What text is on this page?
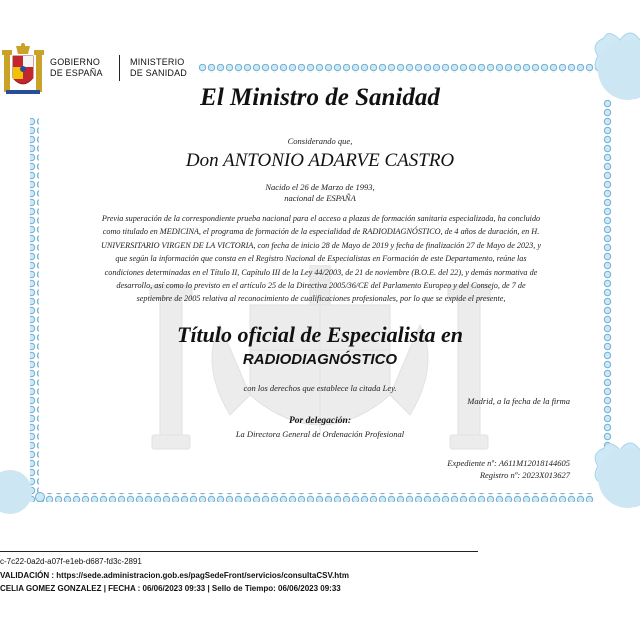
GOBIERNO
DE ESPAÑA
MINISTERIO
DE SANIDAD
El Ministro de Sanidad
Considerando que,
Don ANTONIO ADARVE CASTRO
Nacido el 26 de Marzo de 1993,
nacional de ESPAÑA
Previa superación de la correspondiente prueba nacional para el acceso a plazas de formación sanitaria especializada, ha concluido como titulado en MEDICINA, el programa de formación de la especialidad de RADIODIAGNÓSTICO, de 4 años de duración, en H. UNIVERSITARIO VIRGEN DE LA VICTORIA, con fecha de inicio 28 de Mayo de 2019 y fecha de finalización 27 de Mayo de 2023, y que según la información que consta en el Registro Nacional de Especialistas en Formación de este Departamento, reúne las condiciones determinadas en el Título II, Capítulo III de la Ley 44/2003, de 21 de noviembre (B.O.E. del 22), y demás normativa de desarrollo, así como lo previsto en el artículo 25 de la Directiva 2005/36/CE del Parlamento Europeo y del Consejo, de 7 de septiembre de 2005 relativa al reconocimiento de cualificaciones profesionales, por lo que se expide el presente,
Título oficial de Especialista en
RADIODIAGNÓSTICO
con los derechos que establece la citada Ley.
Madrid, a la fecha de la firma
Por delegación:
La Directora General de Ordenación Profesional
Expediente nº: A611M12018144605
Registro nº: 2023X013627
c-7c22-0a2d-a07f-e1eb-d687-fd3c-2891
VALIDACIÓN : https://sede.administracion.gob.es/pagSedeFront/servicios/consultaCSV.htm
CELIA GOMEZ GONZALEZ | FECHA : 06/06/2023 09:33 | Sello de Tiempo: 06/06/2023 09:33
